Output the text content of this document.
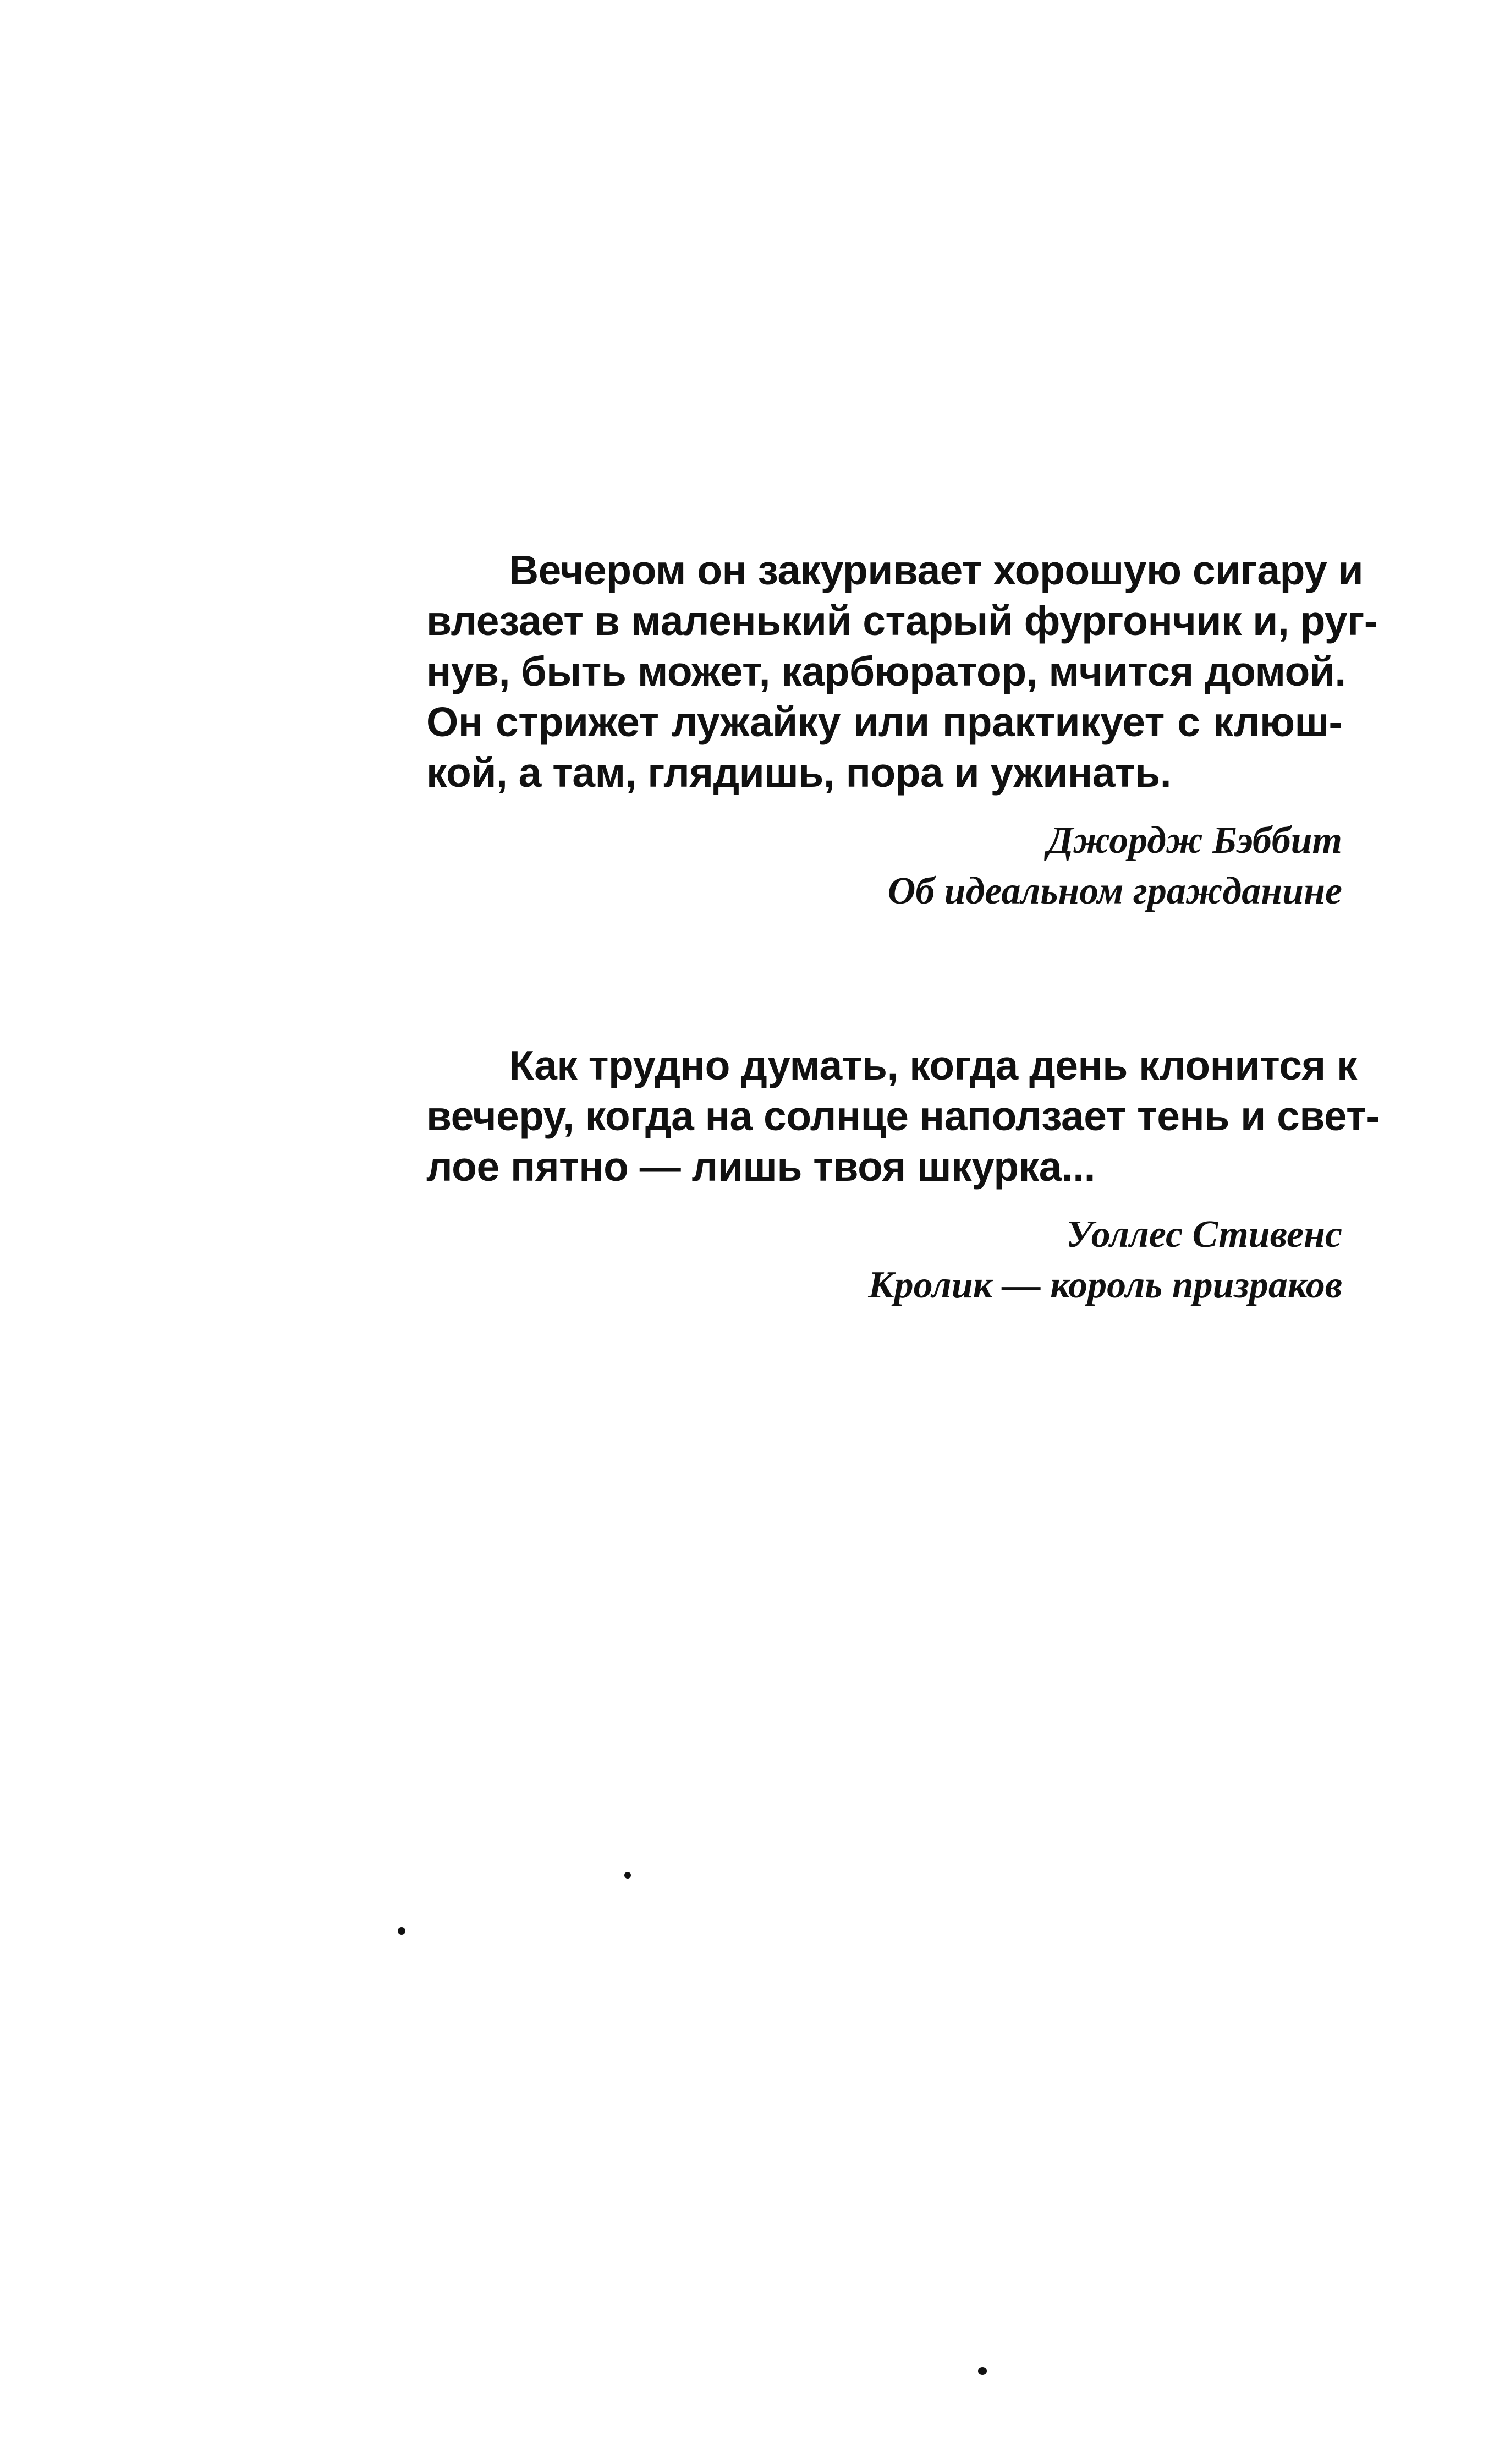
Вечером он закуривает хорошую сигару и
влезает в маленький старый фургончик и, руг-
нув, быть может, карбюратор, мчится домой.
Он стрижет лужайку или практикует с клюш-
кой, а там, глядишь, пора и ужинать.
Джордж Бэббит
Об идеальном гражданине
Как трудно думать, когда день клонится к
вечеру, когда на солнце наползает тень и свет-
лое пятно — лишь твоя шкурка...
Уоллес Стивенс
Кролик — король призраков
